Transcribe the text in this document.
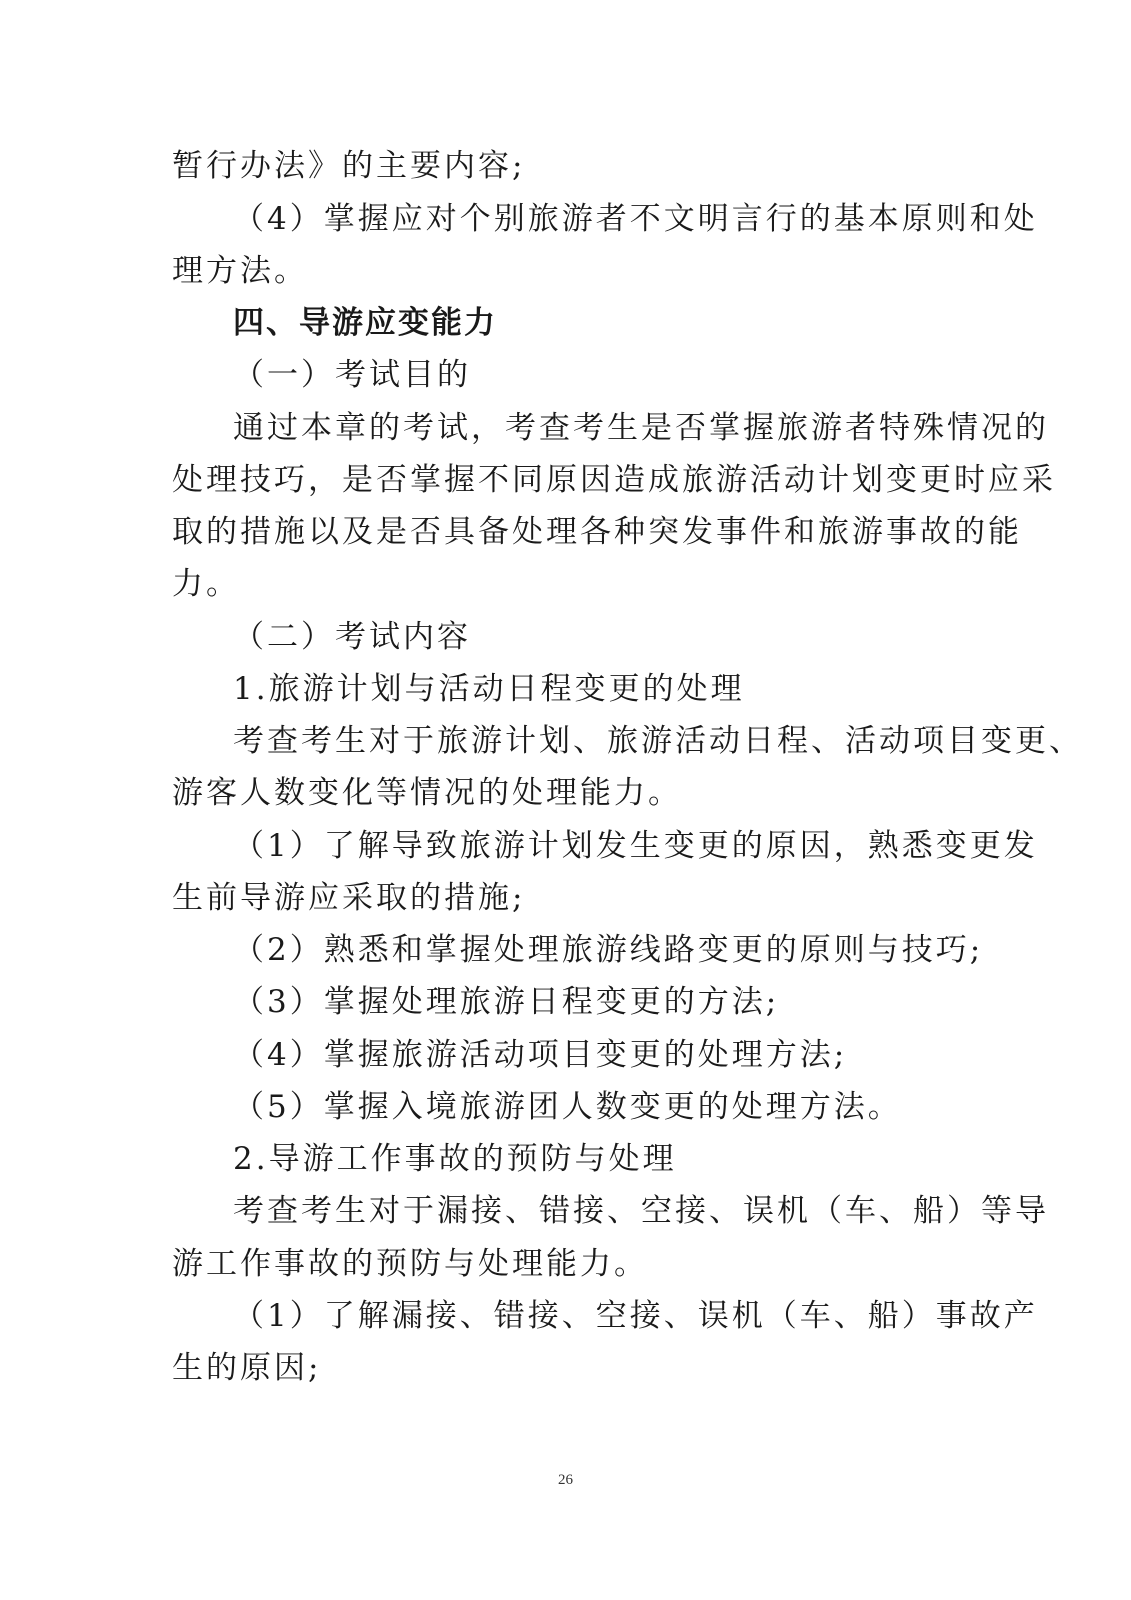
暂行办法》的主要内容;
（4）掌握应对个别旅游者不文明言行的基本原则和处
理方法。
四、导游应变能力
（一）考试目的
通过本章的考试，考查考生是否掌握旅游者特殊情况的
处理技巧，是否掌握不同原因造成旅游活动计划变更时应采
取的措施以及是否具备处理各种突发事件和旅游事故的能
力。
（二）考试内容
1.旅游计划与活动日程变更的处理
考查考生对于旅游计划、旅游活动日程、活动项目变更、
游客人数变化等情况的处理能力。
（1）了解导致旅游计划发生变更的原因，熟悉变更发
生前导游应采取的措施;
（2）熟悉和掌握处理旅游线路变更的原则与技巧;
（3）掌握处理旅游日程变更的方法;
（4）掌握旅游活动项目变更的处理方法;
（5）掌握入境旅游团人数变更的处理方法。
2.导游工作事故的预防与处理
考查考生对于漏接、错接、空接、误机（车、船）等导
游工作事故的预防与处理能力。
（1）了解漏接、错接、空接、误机（车、船）事故产
生的原因;
26
